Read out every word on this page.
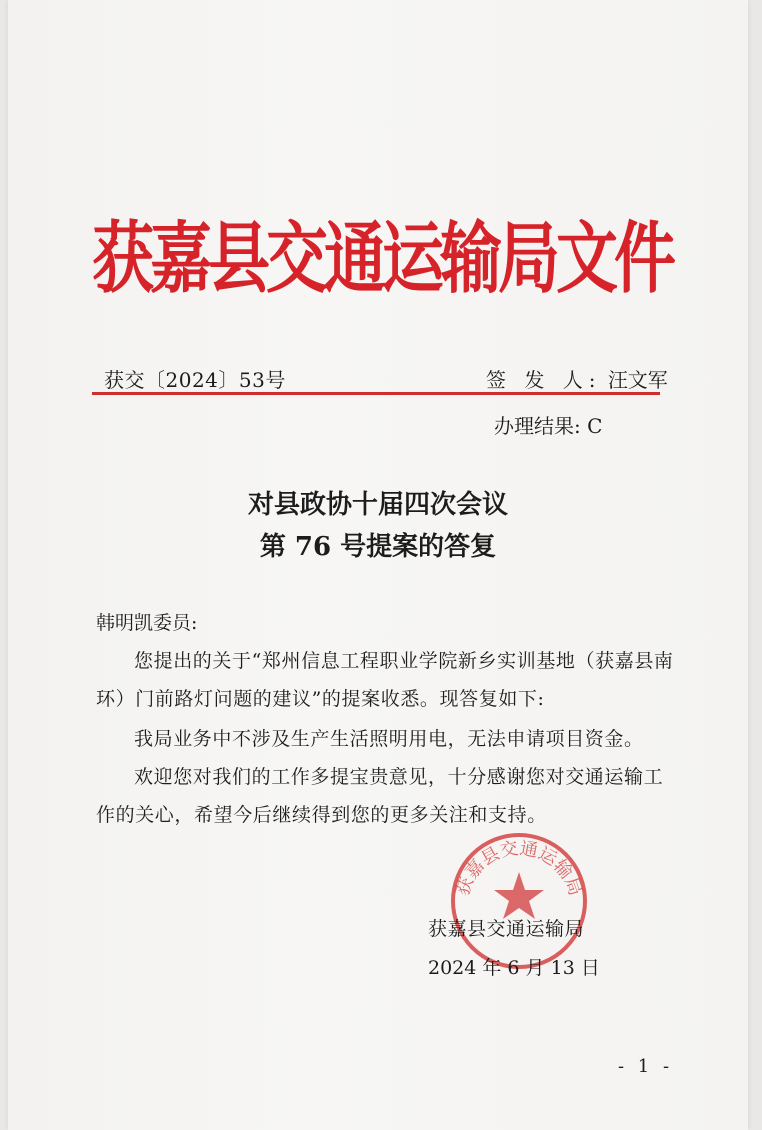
获嘉县交通运输局文件
获交〔2024〕53号	签 发 人: 汪文军
办理结果: C
对县政协十届四次会议
第 76 号提案的答复
韩明凯委员:
您提出的关于“郑州信息工程职业学院新乡实训基地（获嘉县南环）门前路灯问题的建议”的提案收悉。现答复如下:
我局业务中不涉及生产生活照明用电，无法申请项目资金。
欢迎您对我们的工作多提宝贵意见，十分感谢您对交通运输工作的关心，希望今后继续得到您的更多关注和支持。
获嘉县交通运输局
获嘉县交通运输局
2024 年 6 月 13 日
- 1 -
